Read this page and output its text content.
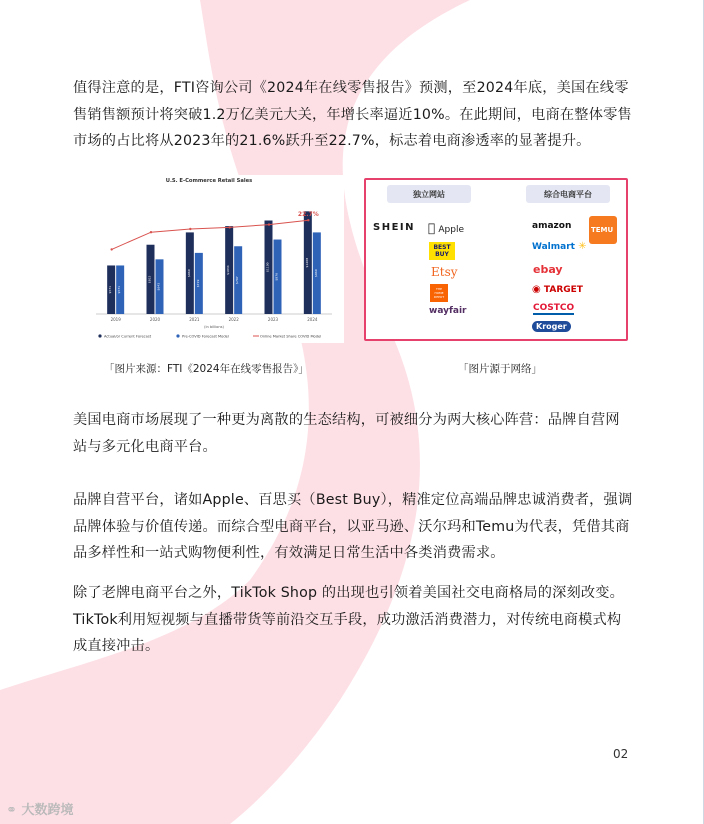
值得注意的是，FTI咨询公司《2024年在线零售报告》预测，至2024年底，美国在线零售销售额预计将突破1.2万亿美元大关，年增长率逼近10%。在此期间，电商在整体零售市场的占比将从2023年的21.6%跃升至22.7%，标志着电商渗透率的显著提升。

$571 $571
2019
$815
$643
2020
$960
$719
2021
$1034
$797
2022
$1100
$876
2023
$1208
$960
2024
22.7%
(in billions)
Actual/or Current Forecast	Pre-COVID Forecast Model	Online Market Share COVID Model
U.S. E-Commerce Retail Sales
独立网站	综合电商平台
SHEIN Apple
BEST BUY
Etsy
THE HOME DEPOT
wayfair
amazon
Walmart ✳
ebay
◉ TARGET
COSTCO
Kroger
TEMU
「图片来源：FTI《2024年在线零售报告》」	「图片源于网络」

美国电商市场展现了一种更为离散的生态结构，可被细分为两大核心阵营：品牌自营网站与多元化电商平台。

品牌自营平台，诸如Apple、百思买（Best Buy），精准定位高端品牌忠诚消费者，强调品牌体验与价值传递。而综合型电商平台，以亚马逊、沃尔玛和Temu为代表，凭借其商品多样性和一站式购物便利性，有效满足日常生活中各类消费需求。

除了老牌电商平台之外，TikTok Shop 的出现也引领着美国社交电商格局的深刻改变。TikTok利用短视频与直播带货等前沿交互手段，成功激活消费潜力，对传统电商模式构成直接冲击。

02
⚭ 大数跨境
